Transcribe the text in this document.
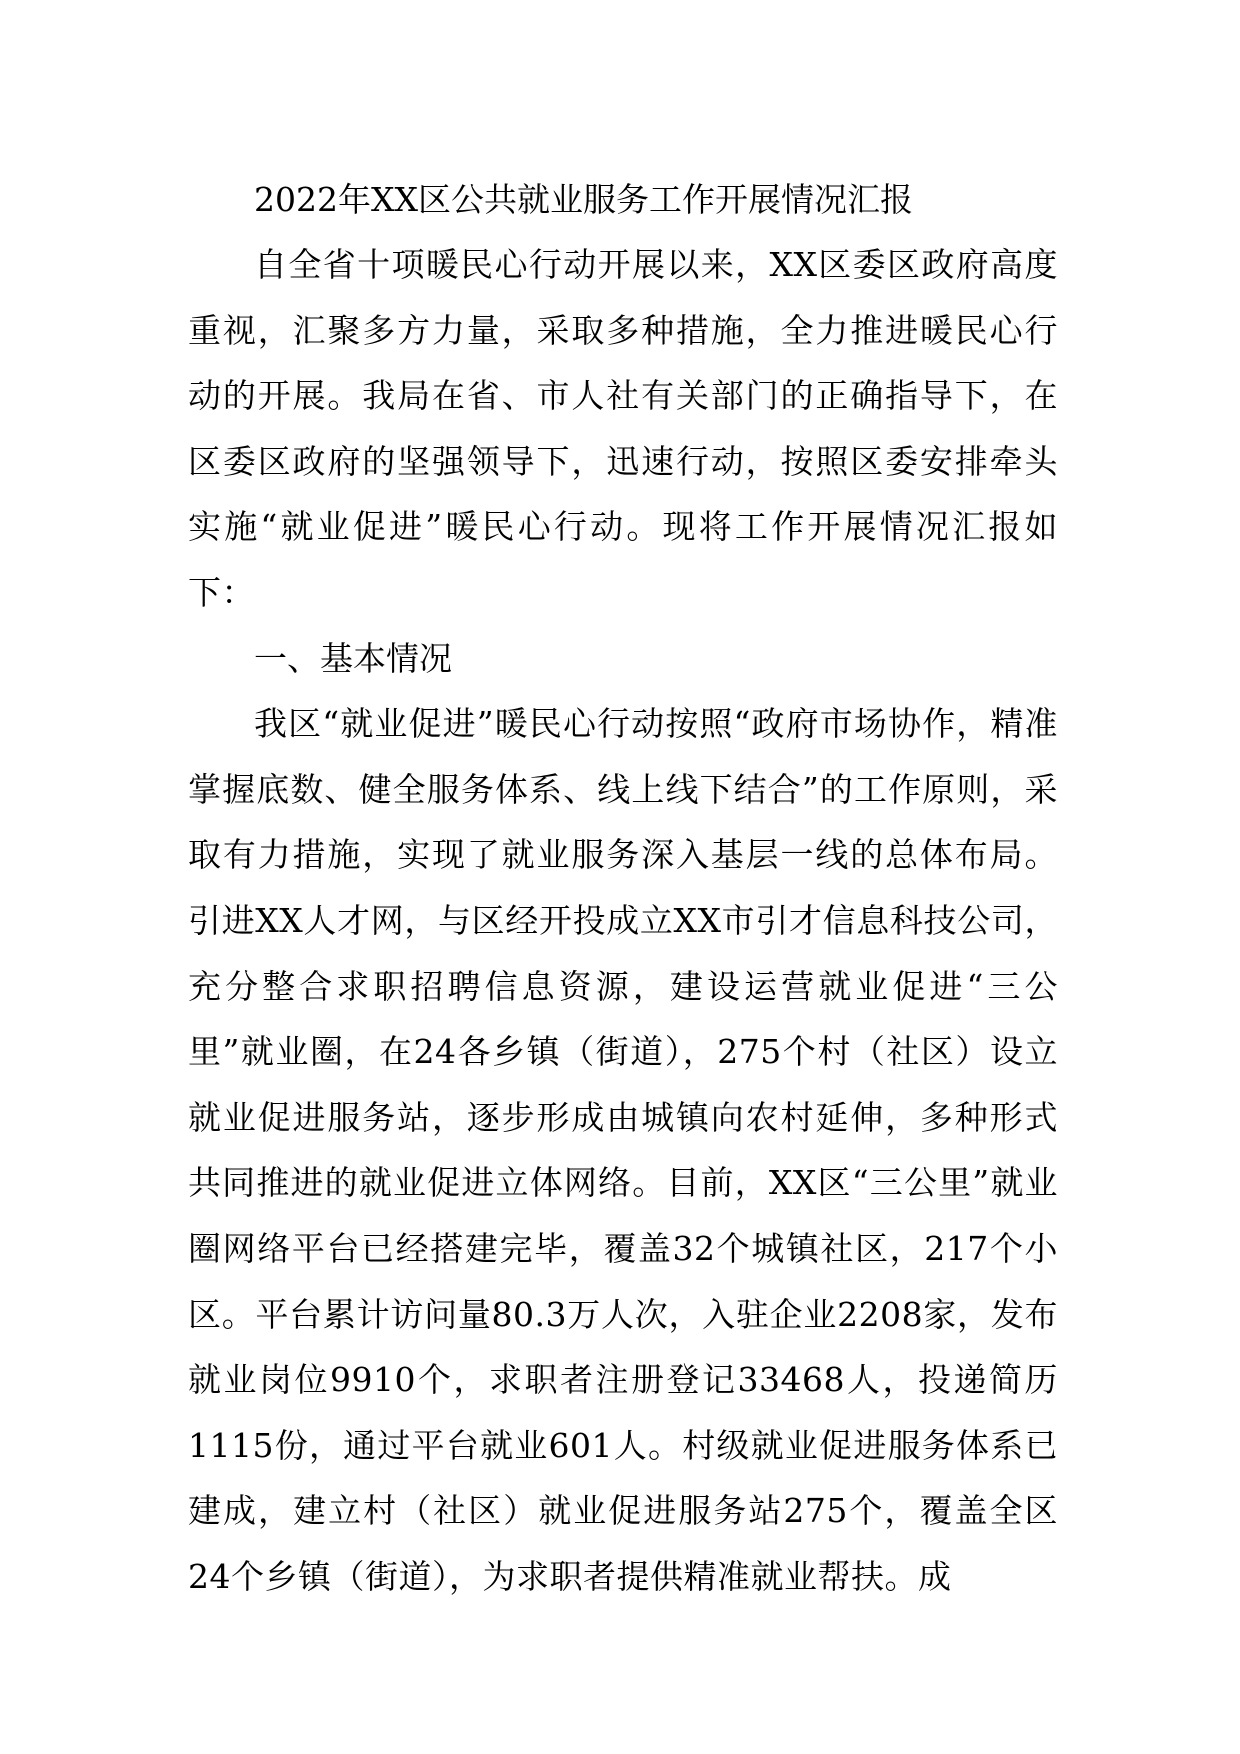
2022年XX区公共就业服务工作开展情况汇报

自全省十项暖民心行动开展以来，XX区委区政府高度重视，汇聚多方力量，采取多种措施，全力推进暖民心行动的开展。我局在省、市人社有关部门的正确指导下，在区委区政府的坚强领导下，迅速行动，按照区委安排牵头实施“就业促进”暖民心行动。现将工作开展情况汇报如下：

一、基本情况

我区“就业促进”暖民心行动按照“政府市场协作，精准掌握底数、健全服务体系、线上线下结合”的工作原则，采取有力措施，实现了就业服务深入基层一线的总体布局。引进XX人才网，与区经开投成立XX市引才信息科技公司，充分整合求职招聘信息资源，建设运营就业促进“三公里”就业圈，在24各乡镇（街道），275个村（社区）设立就业促进服务站，逐步形成由城镇向农村延伸，多种形式共同推进的就业促进立体网络。目前，XX区“三公里”就业圈网络平台已经搭建完毕，覆盖32个城镇社区，217个小区。平台累计访问量80.3万人次，入驻企业2208家，发布就业岗位9910个，求职者注册登记33468人，投递简历1115份，通过平台就业601人。村级就业促进服务体系已建成，建立村（社区）就业促进服务站275个，覆盖全区24个乡镇（街道），为求职者提供精准就业帮扶。成
